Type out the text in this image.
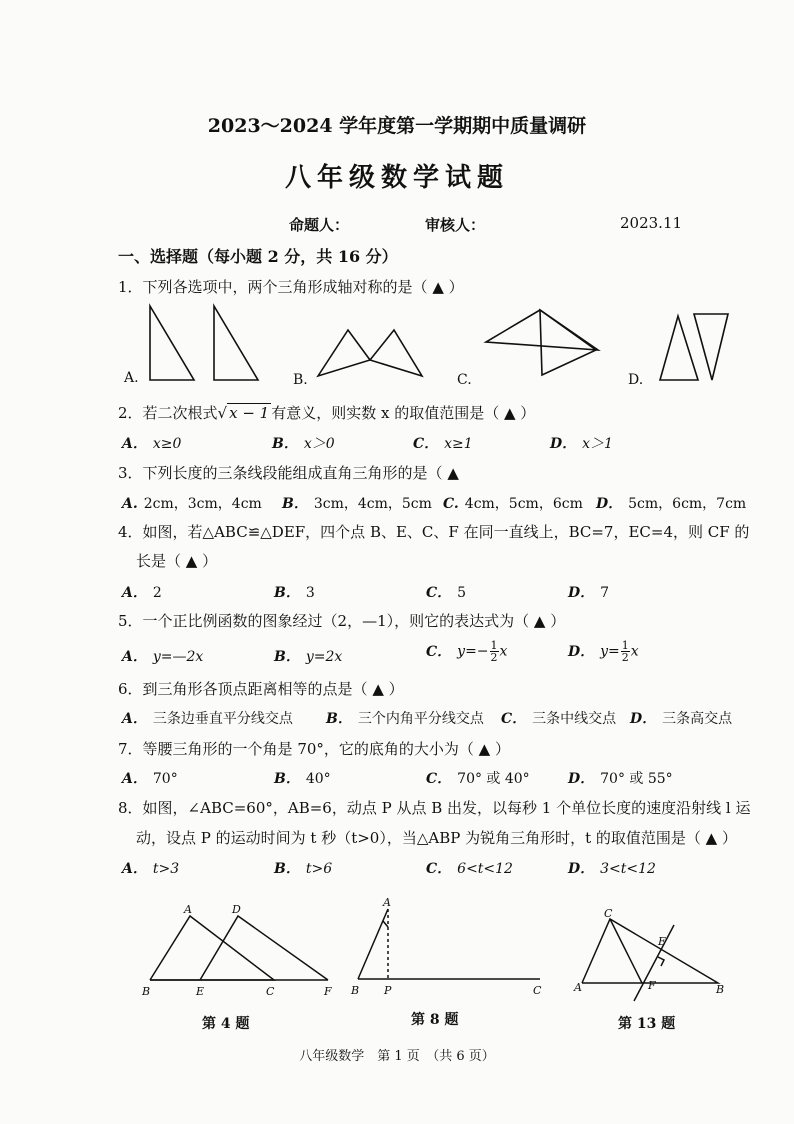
2023～2024 学年度第一学期期中质量调研
八年级数学试题
命题人：	审核人：	2023.11
一、选择题（每小题 2 分，共 16 分）
1．下列各选项中，两个三角形成轴对称的是（ ▲ ）
A.	B.	C.	D.
2．若二次根式√ x − 1 有意义，则实数 x 的取值范围是（ ▲ ）
A． x≥0	B． x＞0	C． x≥1	D． x＞1
3．下列长度的三条线段能组成直角三角形的是（ ▲
A. 2cm，3cm，4cm B． 3cm，4cm，5cm C. 4cm，5cm，6cm D． 5cm，6cm，7cm
4．如图，若△ABC≌△DEF，四个点 B、E、C、F 在同一直线上，BC=7，EC=4，则 CF 的
长是（ ▲ ）
A． 2	B． 3	C． 5	D． 7
5．一个正比例函数的图象经过（2，—1），则它的表达式为（ ▲ ）
A． y=—2x	B． y=2x	C． $y=- \frac{1}{2}$ x	D． $y= \frac{1}{2}$ x
6．到三角形各顶点距离相等的点是（ ▲ ）
A． 三条边垂直平分线交点 B． 三个内角平分线交点 C． 三条中线交点 D． 三条高交点
7．等腰三角形的一个角是 70°，它的底角的大小为（ ▲ ）
A． 70°	B． 40°	C． 70° 或 40°	D． 70° 或 55°
8．如图，∠ABC=60°，AB=6，动点 P 从点 B 出发，以每秒 1 个单位长度的速度沿射线 l 运
动，设点 P 的运动时间为 t 秒（t>0），当△ABP 为锐角三角形时，t 的取值范围是（ ▲ ）
A． t>3	B． t>6	C． 6<t<12	D． 3<t<12
A	D
B	E	C	F
第 4 题
A
B P	C
第 8 题
C
E
A	F	B
第 13 题
八年级数学　第 1 页　（共 6 页）
